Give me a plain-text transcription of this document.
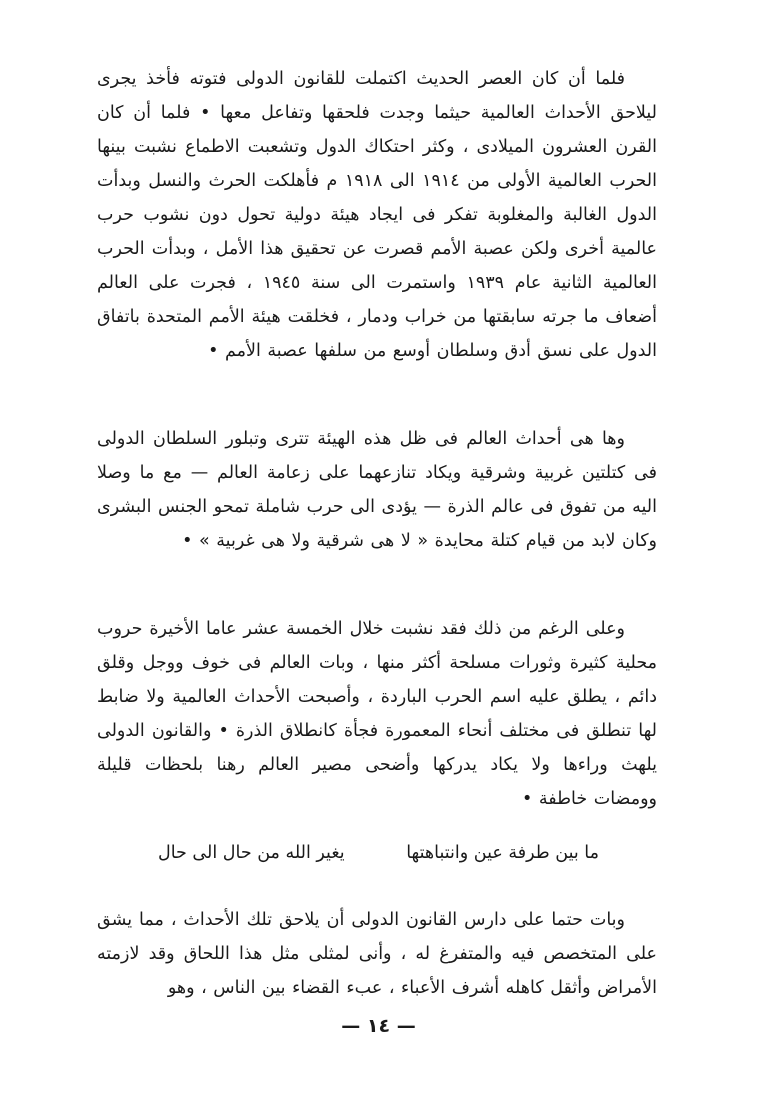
فلما أن كان العصر الحديث اكتملت للقانون الدولى فتوته فأخذ يجرى ليلاحق الأحداث العالمية حيثما وجدت فلحقها وتفاعل معها • فلما أن كان القرن العشرون الميلادى ، وكثر احتكاك الدول وتشعبت الاطماع نشبت بينها الحرب العالمية الأولى من ١٩١٤ الى ١٩١٨ م فأهلكت الحرث والنسل وبدأت الدول الغالبة والمغلوبة تفكر فى ايجاد هيئة دولية تحول دون نشوب حرب عالمية أخرى ولكن عصبة الأمم قصرت عن تحقيق هذا الأمل ، وبدأت الحرب العالمية الثانية عام ١٩٣٩ واستمرت الى سنة ١٩٤٥ ، فجرت على العالم أضعاف ما جرته سابقتها من خراب ودمار ، فخلقت هيئة الأمم المتحدة باتفاق الدول على نسق أدق وسلطان أوسع من سلفها عصبة الأمم •

وها هى أحداث العالم فى ظل هذه الهيئة تترى وتبلور السلطان الدولى فى كتلتين غربية وشرقية ويكاد تنازعهما على زعامة العالم — مع ما وصلا اليه من تفوق فى عالم الذرة — يؤدى الى حرب شاملة تمحو الجنس البشرى وكان لابد من قيام كتلة محايدة « لا هى شرقية ولا هى غربية » •

وعلى الرغم من ذلك فقد نشبت خلال الخمسة عشر عاما الأخيرة حروب محلية كثيرة وثورات مسلحة أكثر منها ، وبات العالم فى خوف ووجل وقلق دائم ، يطلق عليه اسم الحرب الباردة ، وأصبحت الأحداث العالمية ولا ضابط لها تنطلق فى مختلف أنحاء المعمورة فجأة كانطلاق الذرة • والقانون الدولى يلهث وراءها ولا يكاد يدركها وأضحى مصير العالم رهنا بلحظات قليلة وومضات خاطفة •

ما بين طرفة عين وانتباهتها
يغير الله من حال الى حال

وبات حتما على دارس القانون الدولى أن يلاحق تلك الأحداث ، مما يشق على المتخصص فيه والمتفرغ له ، وأنى لمثلى مثل هذا اللحاق وقد لازمته الأمراض وأثقل كاهله أشرف الأعباء ، عبء القضاء بين الناس ، وهو

— ١٤ —
